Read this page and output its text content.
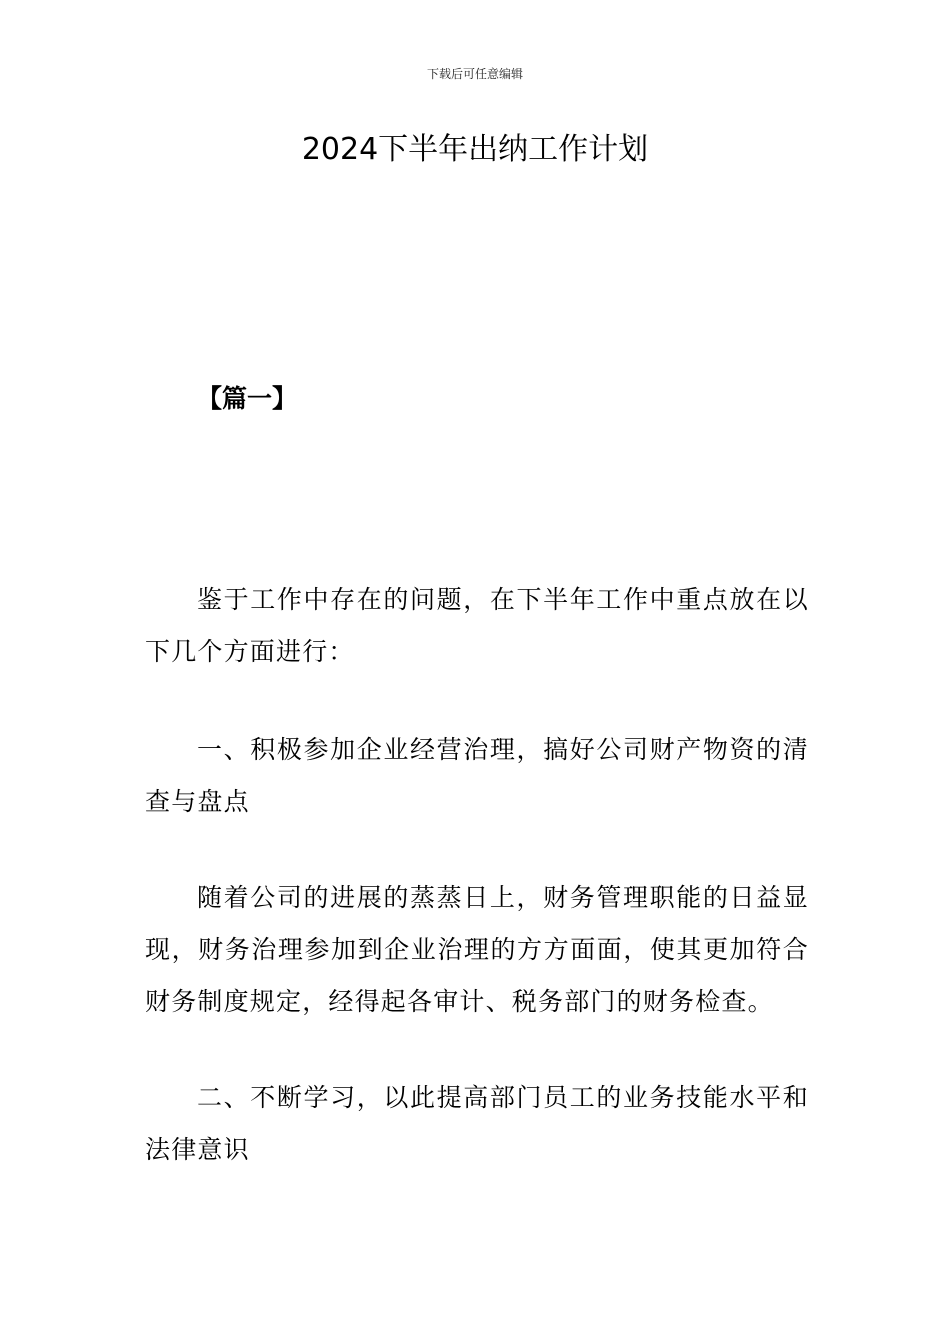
下载后可任意编辑
2024下半年出纳工作计划
【篇一】

鉴于工作中存在的问题，在下半年工作中重点放在以下几个方面进行：

一、积极参加企业经营治理，搞好公司财产物资的清查与盘点

随着公司的进展的蒸蒸日上，财务管理职能的日益显现，财务治理参加到企业治理的方方面面，使其更加符合财务制度规定，经得起各审计、税务部门的财务检查。

二、不断学习，以此提高部门员工的业务技能水平和法律意识
